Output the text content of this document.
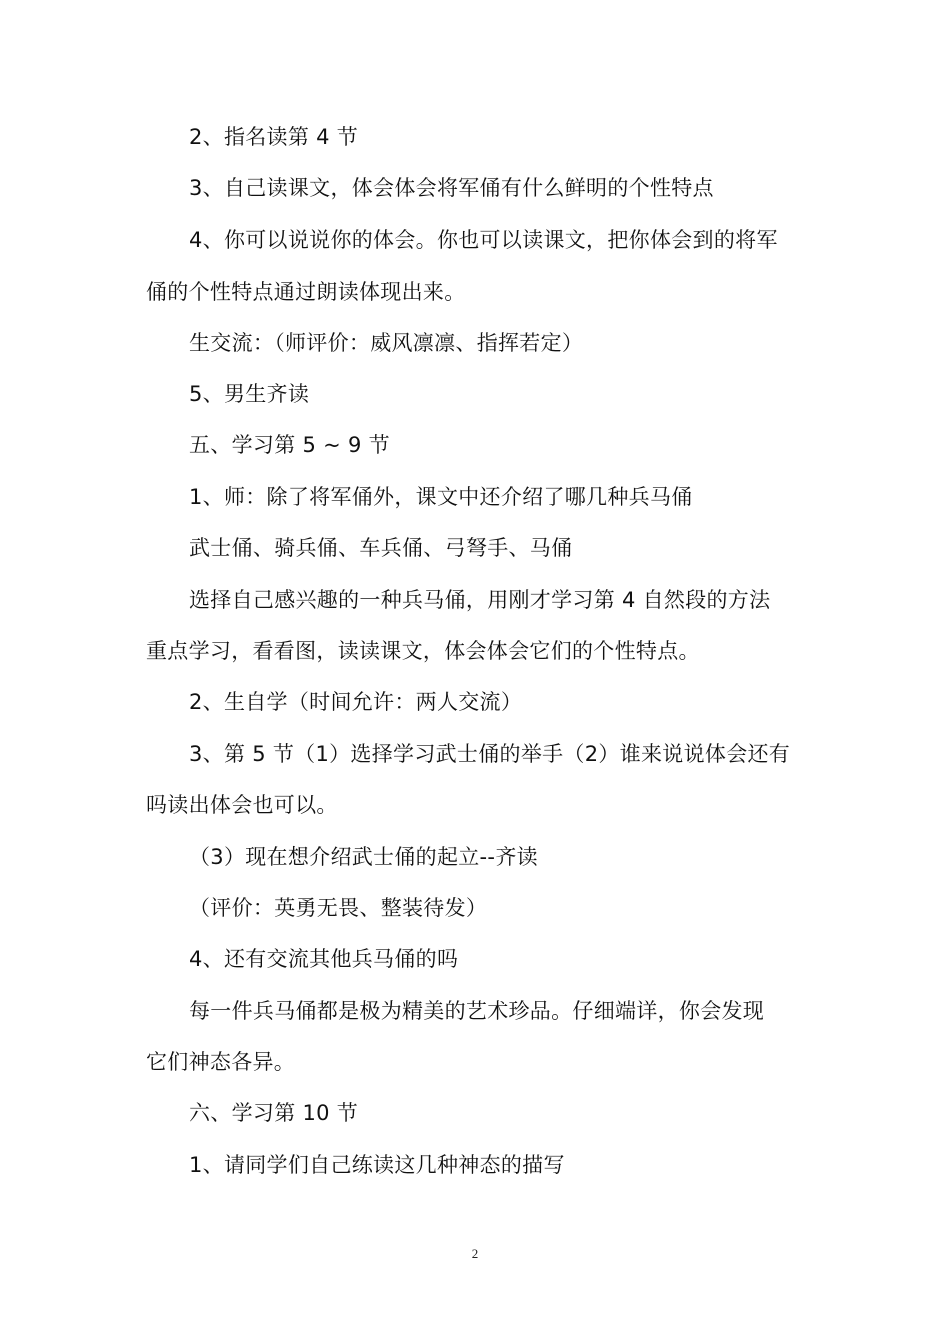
2、指名读第 4 节
3、自己读课文，体会体会将军俑有什么鲜明的个性特点
4、你可以说说你的体会。你也可以读课文，把你体会到的将军
俑的个性特点通过朗读体现出来。
生交流：（师评价：威风凛凛、指挥若定）
5、男生齐读
五、学习第 5 ~ 9 节
1、师：除了将军俑外，课文中还介绍了哪几种兵马俑
武士俑、骑兵俑、车兵俑、弓弩手、马俑
选择自己感兴趣的一种兵马俑，用刚才学习第 4 自然段的方法
重点学习，看看图，读读课文，体会体会它们的个性特点。
2、生自学（时间允许：两人交流）
3、第 5 节（1）选择学习武士俑的举手（2）谁来说说体会还有
吗读出体会也可以。
（3）现在想介绍武士俑的起立--齐读
（评价：英勇无畏、整装待发）
4、还有交流其他兵马俑的吗
每一件兵马俑都是极为精美的艺术珍品。仔细端详，你会发现
它们神态各异。
六、学习第 10 节
1、请同学们自己练读这几种神态的描写
2
